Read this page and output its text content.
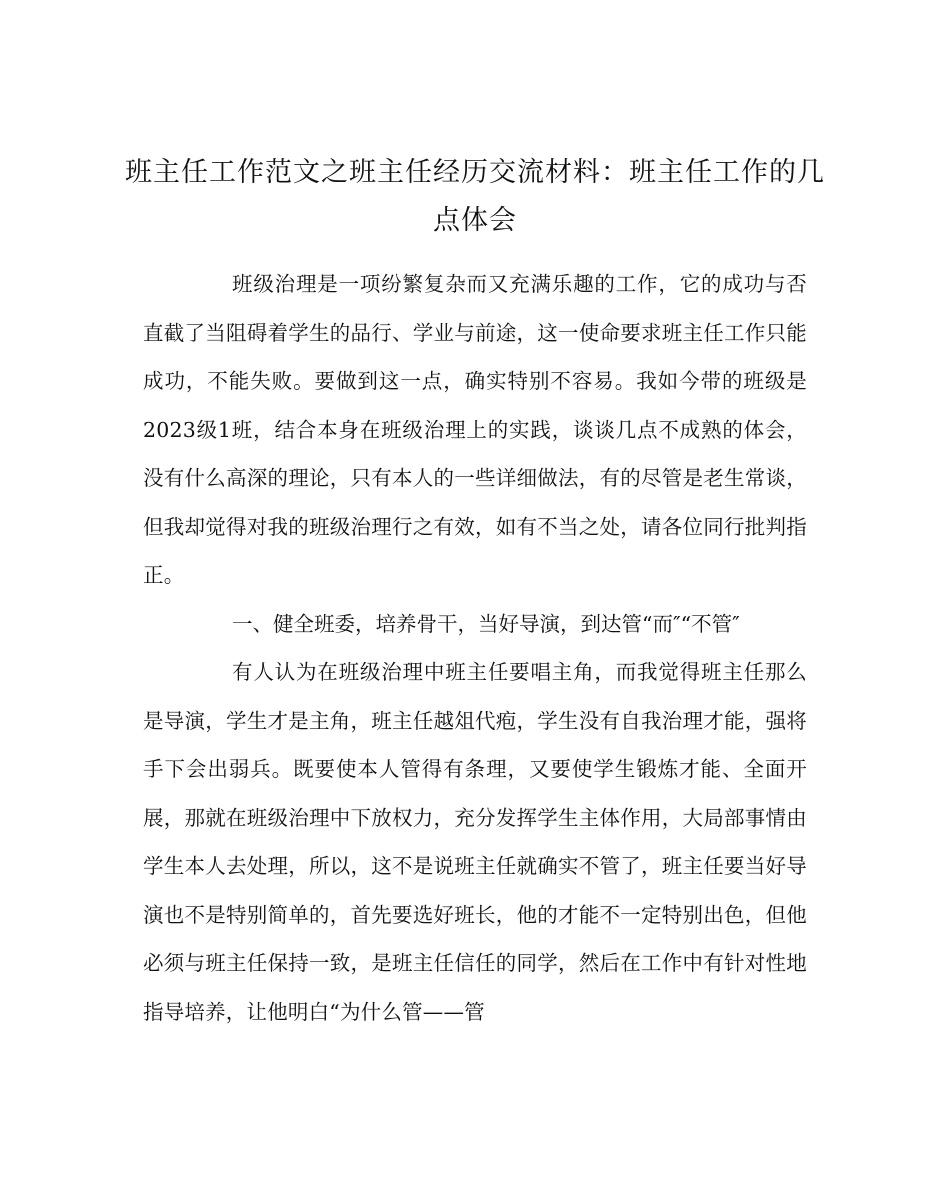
班主任工作范文之班主任经历交流材料：班主任工作的几点体会

班级治理是一项纷繁复杂而又充满乐趣的工作，它的成功与否直截了当阻碍着学生的品行、学业与前途，这一使命要求班主任工作只能成功，不能失败。要做到这一点，确实特别不容易。我如今带的班级是2023级1班，结合本身在班级治理上的实践，谈谈几点不成熟的体会，没有什么高深的理论，只有本人的一些详细做法，有的尽管是老生常谈，但我却觉得对我的班级治理行之有效，如有不当之处，请各位同行批判指正。

一、健全班委，培养骨干，当好导演，到达管“而″“不管″

有人认为在班级治理中班主任要唱主角，而我觉得班主任那么是导演，学生才是主角，班主任越俎代疱，学生没有自我治理才能，强将手下会出弱兵。既要使本人管得有条理，又要使学生锻炼才能、全面开展，那就在班级治理中下放权力，充分发挥学生主体作用，大局部事情由学生本人去处理，所以，这不是说班主任就确实不管了，班主任要当好导演也不是特别简单的，首先要选好班长，他的才能不一定特别出色，但他必须与班主任保持一致，是班主任信任的同学，然后在工作中有针对性地指导培养，让他明白“为什么管——管
